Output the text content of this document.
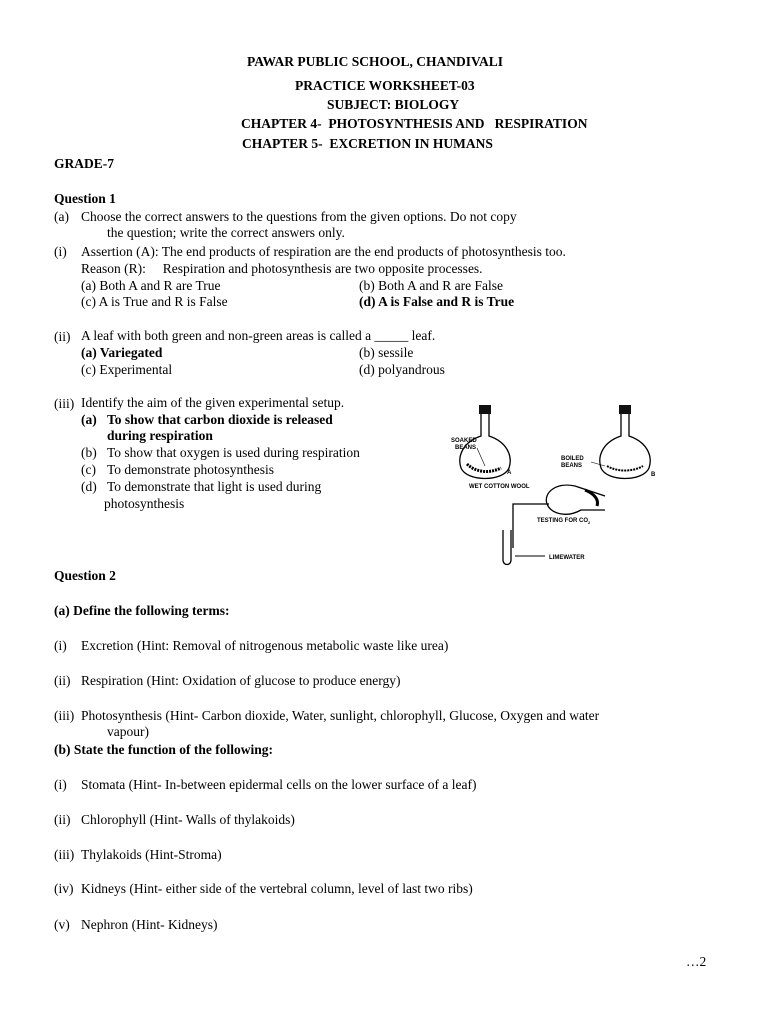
PAWAR PUBLIC SCHOOL, CHANDIVALI
PRACTICE WORKSHEET-03
SUBJECT: BIOLOGY
CHAPTER 4-  PHOTOSYNTHESIS AND   RESPIRATION
CHAPTER 5-  EXCRETION IN HUMANS
GRADE-7
Question 1
(a) Choose the correct answers to the questions from the given options. Do not copy
the question; write the correct answers only.
(i) Assertion (A): The end products of respiration are the end products of photosynthesis too.
Reason (R):     Respiration and photosynthesis are two opposite processes.
(a) Both A and R are True	(b) Both A and R are False
(c) A is True and R is False	(d) A is False and R is True
(ii) A leaf with both green and non-green areas is called a _____ leaf.
(a) Variegated	(b) sessile
(c) Experimental	(d) polyandrous
(iii) Identify the aim of the given experimental setup.
(a) To show that carbon dioxide is released
during respiration
(b) To show that oxygen is used during respiration
(c) To demonstrate photosynthesis
(d) To demonstrate that light is used during
photosynthesis
SOAKED
BEANS
A
WET COTTON WOOL
BOILED
BEANS
B
TESTING FOR $CO_2$
LIMEWATER
Question 2
(a) Define the following terms:
(i) Excretion (Hint: Removal of nitrogenous metabolic waste like urea)
(ii) Respiration (Hint: Oxidation of glucose to produce energy)
(iii) Photosynthesis (Hint- Carbon dioxide, Water, sunlight, chlorophyll, Glucose, Oxygen and water
vapour)
(b) State the function of the following:
(i) Stomata (Hint- In-between epidermal cells on the lower surface of a leaf)
(ii) Chlorophyll (Hint- Walls of thylakoids)
(iii) Thylakoids (Hint-Stroma)
(iv) Kidneys (Hint- either side of the vertebral column, level of last two ribs)
(v) Nephron (Hint- Kidneys)
…2
